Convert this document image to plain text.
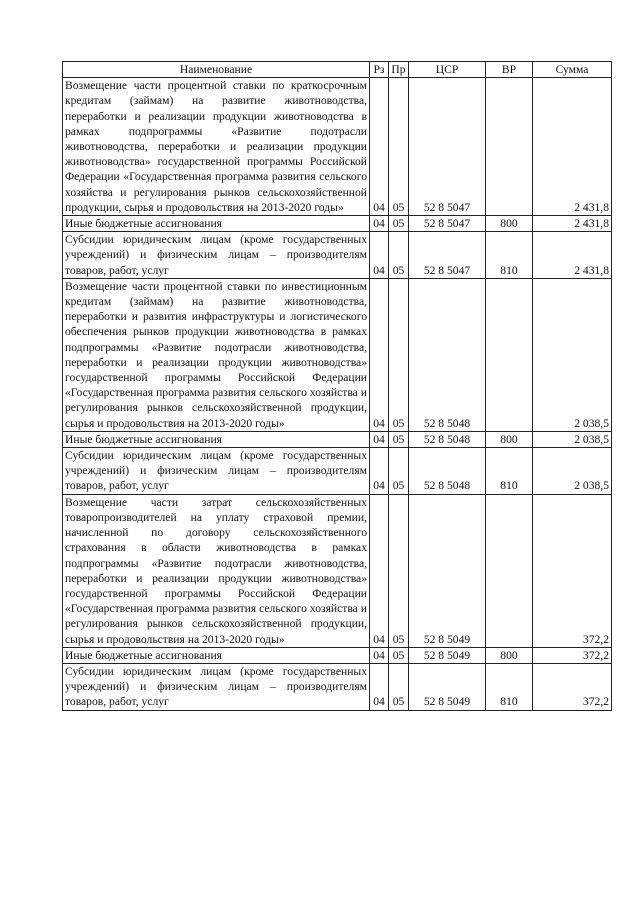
Наименование	Рз	Пр	ЦСР	ВР	Сумма
Возмещение части процентной ставки по краткосрочным кредитам (займам) на развитие животноводства, переработки и реализации продукции животноводства в рамках подпрограммы «Развитие подотрасли животноводства, переработки и реализации продукции животноводства» государственной программы Российской Федерации «Государственная программа развития сельского хозяйства и регулирования рынков сельскохозяйственной продукции, сырья и продовольствия на 2013-2020 годы»	04	05	52 8 5047		2 431,8
Иные бюджетные ассигнования	04	05	52 8 5047	800	2 431,8
Субсидии юридическим лицам (кроме государственных учреждений) и физическим лицам – производителям товаров, работ, услуг	04	05	52 8 5047	810	2 431,8
Возмещение части процентной ставки по инвестиционным кредитам (займам) на развитие животноводства, переработки и развития инфраструктуры и логистического обеспечения рынков продукции животноводства в рамках подпрограммы «Развитие подотрасли животноводства, переработки и реализации продукции животноводства» государственной программы Российской Федерации «Государственная программа развития сельского хозяйства и регулирования рынков сельскохозяйственной продукции, сырья и продовольствия на 2013-2020 годы»	04	05	52 8 5048		2 038,5
Иные бюджетные ассигнования	04	05	52 8 5048	800	2 038,5
Субсидии юридическим лицам (кроме государственных учреждений) и физическим лицам – производителям товаров, работ, услуг	04	05	52 8 5048	810	2 038,5
Возмещение части затрат сельскохозяйственных товаропроизводителей на уплату страховой премии, начисленной по договору сельскохозяйственного страхования в области животноводства в рамках подпрограммы «Развитие подотрасли животноводства, переработки и реализации продукции животноводства» государственной программы Российской Федерации «Государственная программа развития сельского хозяйства и регулирования рынков сельскохозяйственной продукции, сырья и продовольствия на 2013-2020 годы»	04	05	52 8 5049		372,2
Иные бюджетные ассигнования	04	05	52 8 5049	800	372,2
Субсидии юридическим лицам (кроме государственных учреждений) и физическим лицам – производителям товаров, работ, услуг	04	05	52 8 5049	810	372,2
